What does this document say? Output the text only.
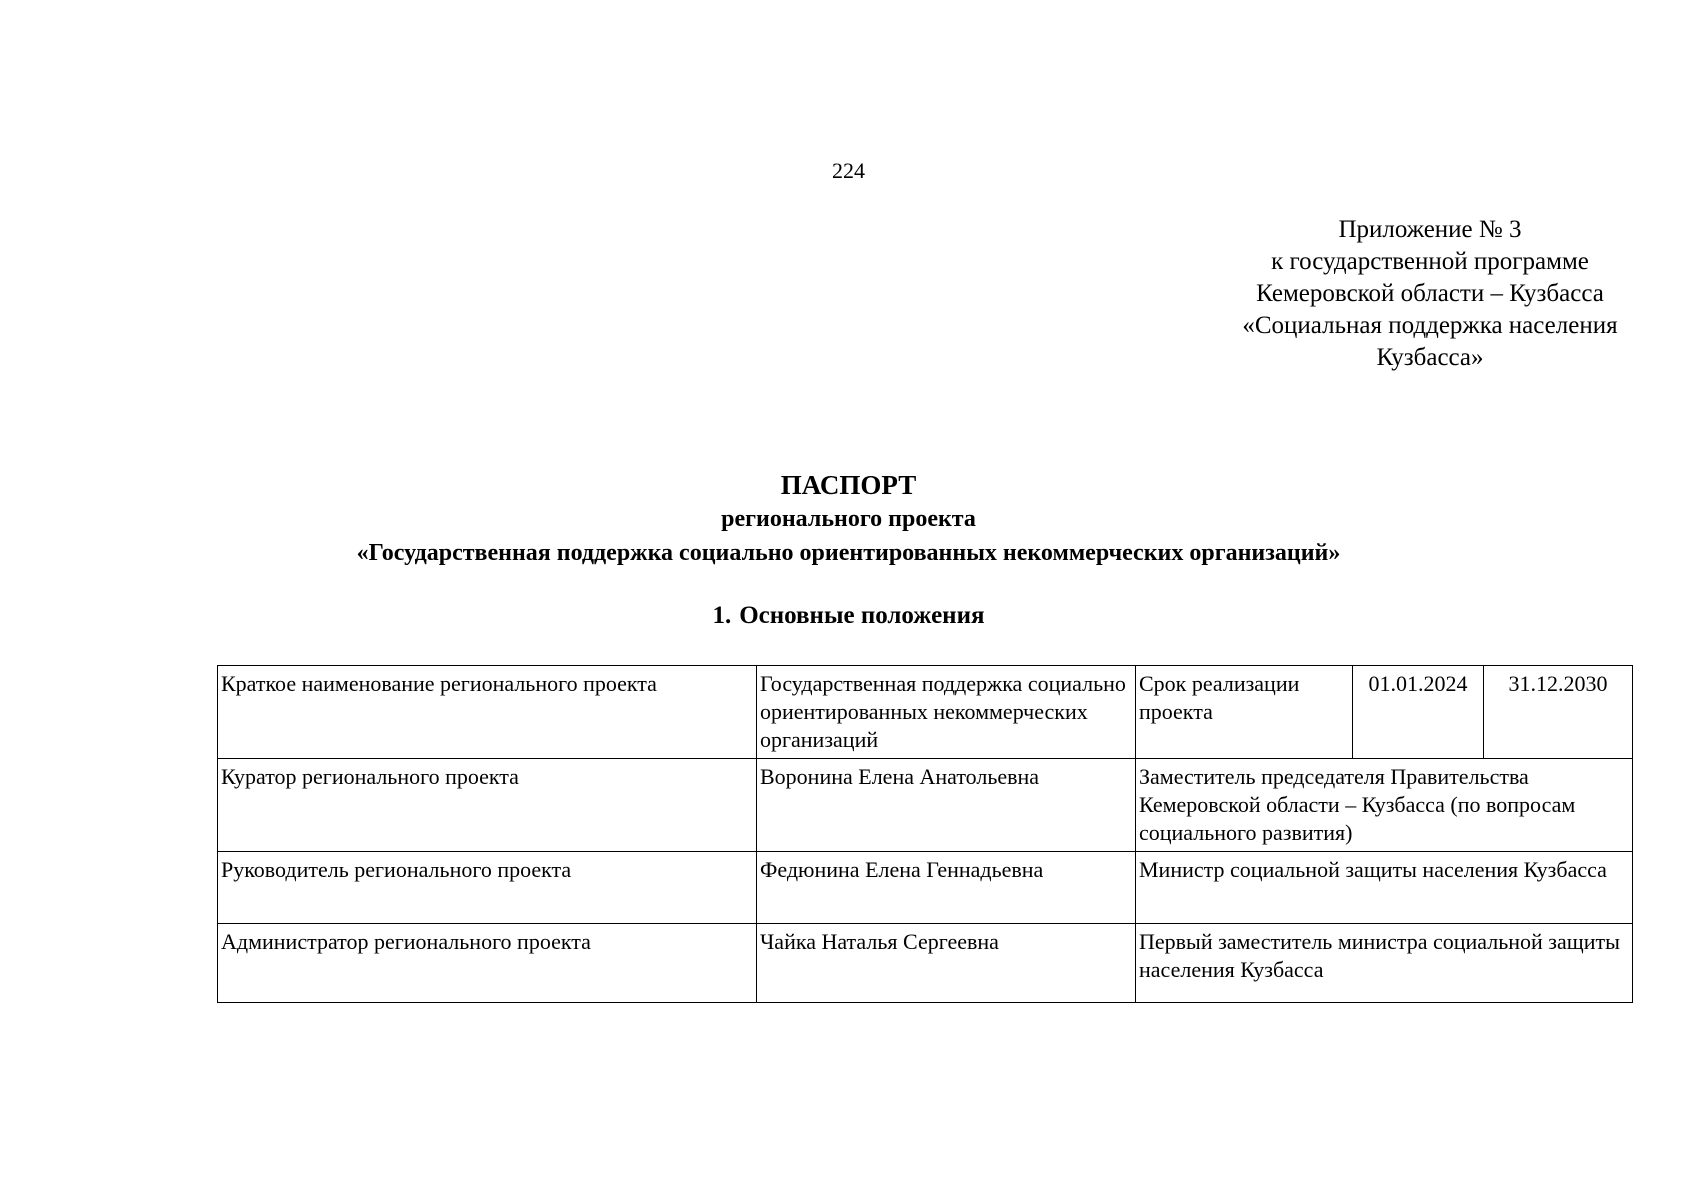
224
Приложение № 3
к государственной программе
Кемеровской области – Кузбасса
«Социальная поддержка населения
Кузбасса»
ПАСПОРТ
регионального проекта
«Государственная поддержка социально ориентированных некоммерческих организаций»
1. Основные положения
Краткое наименование регионального проекта	Государственная поддержка социально ориентированных некоммерческих организаций	Срок реализации проекта	01.01.2024	31.12.2030
Куратор регионального проекта	Воронина Елена Анатольевна	Заместитель председателя Правительства Кемеровской области – Кузбасса (по вопросам социального развития)		
Руководитель регионального проекта	Федюнина Елена Геннадьевна	Министр социальной защиты населения Кузбасса		
Администратор регионального проекта	Чайка Наталья Сергеевна	Первый заместитель министра социальной защиты населения Кузбасса		
